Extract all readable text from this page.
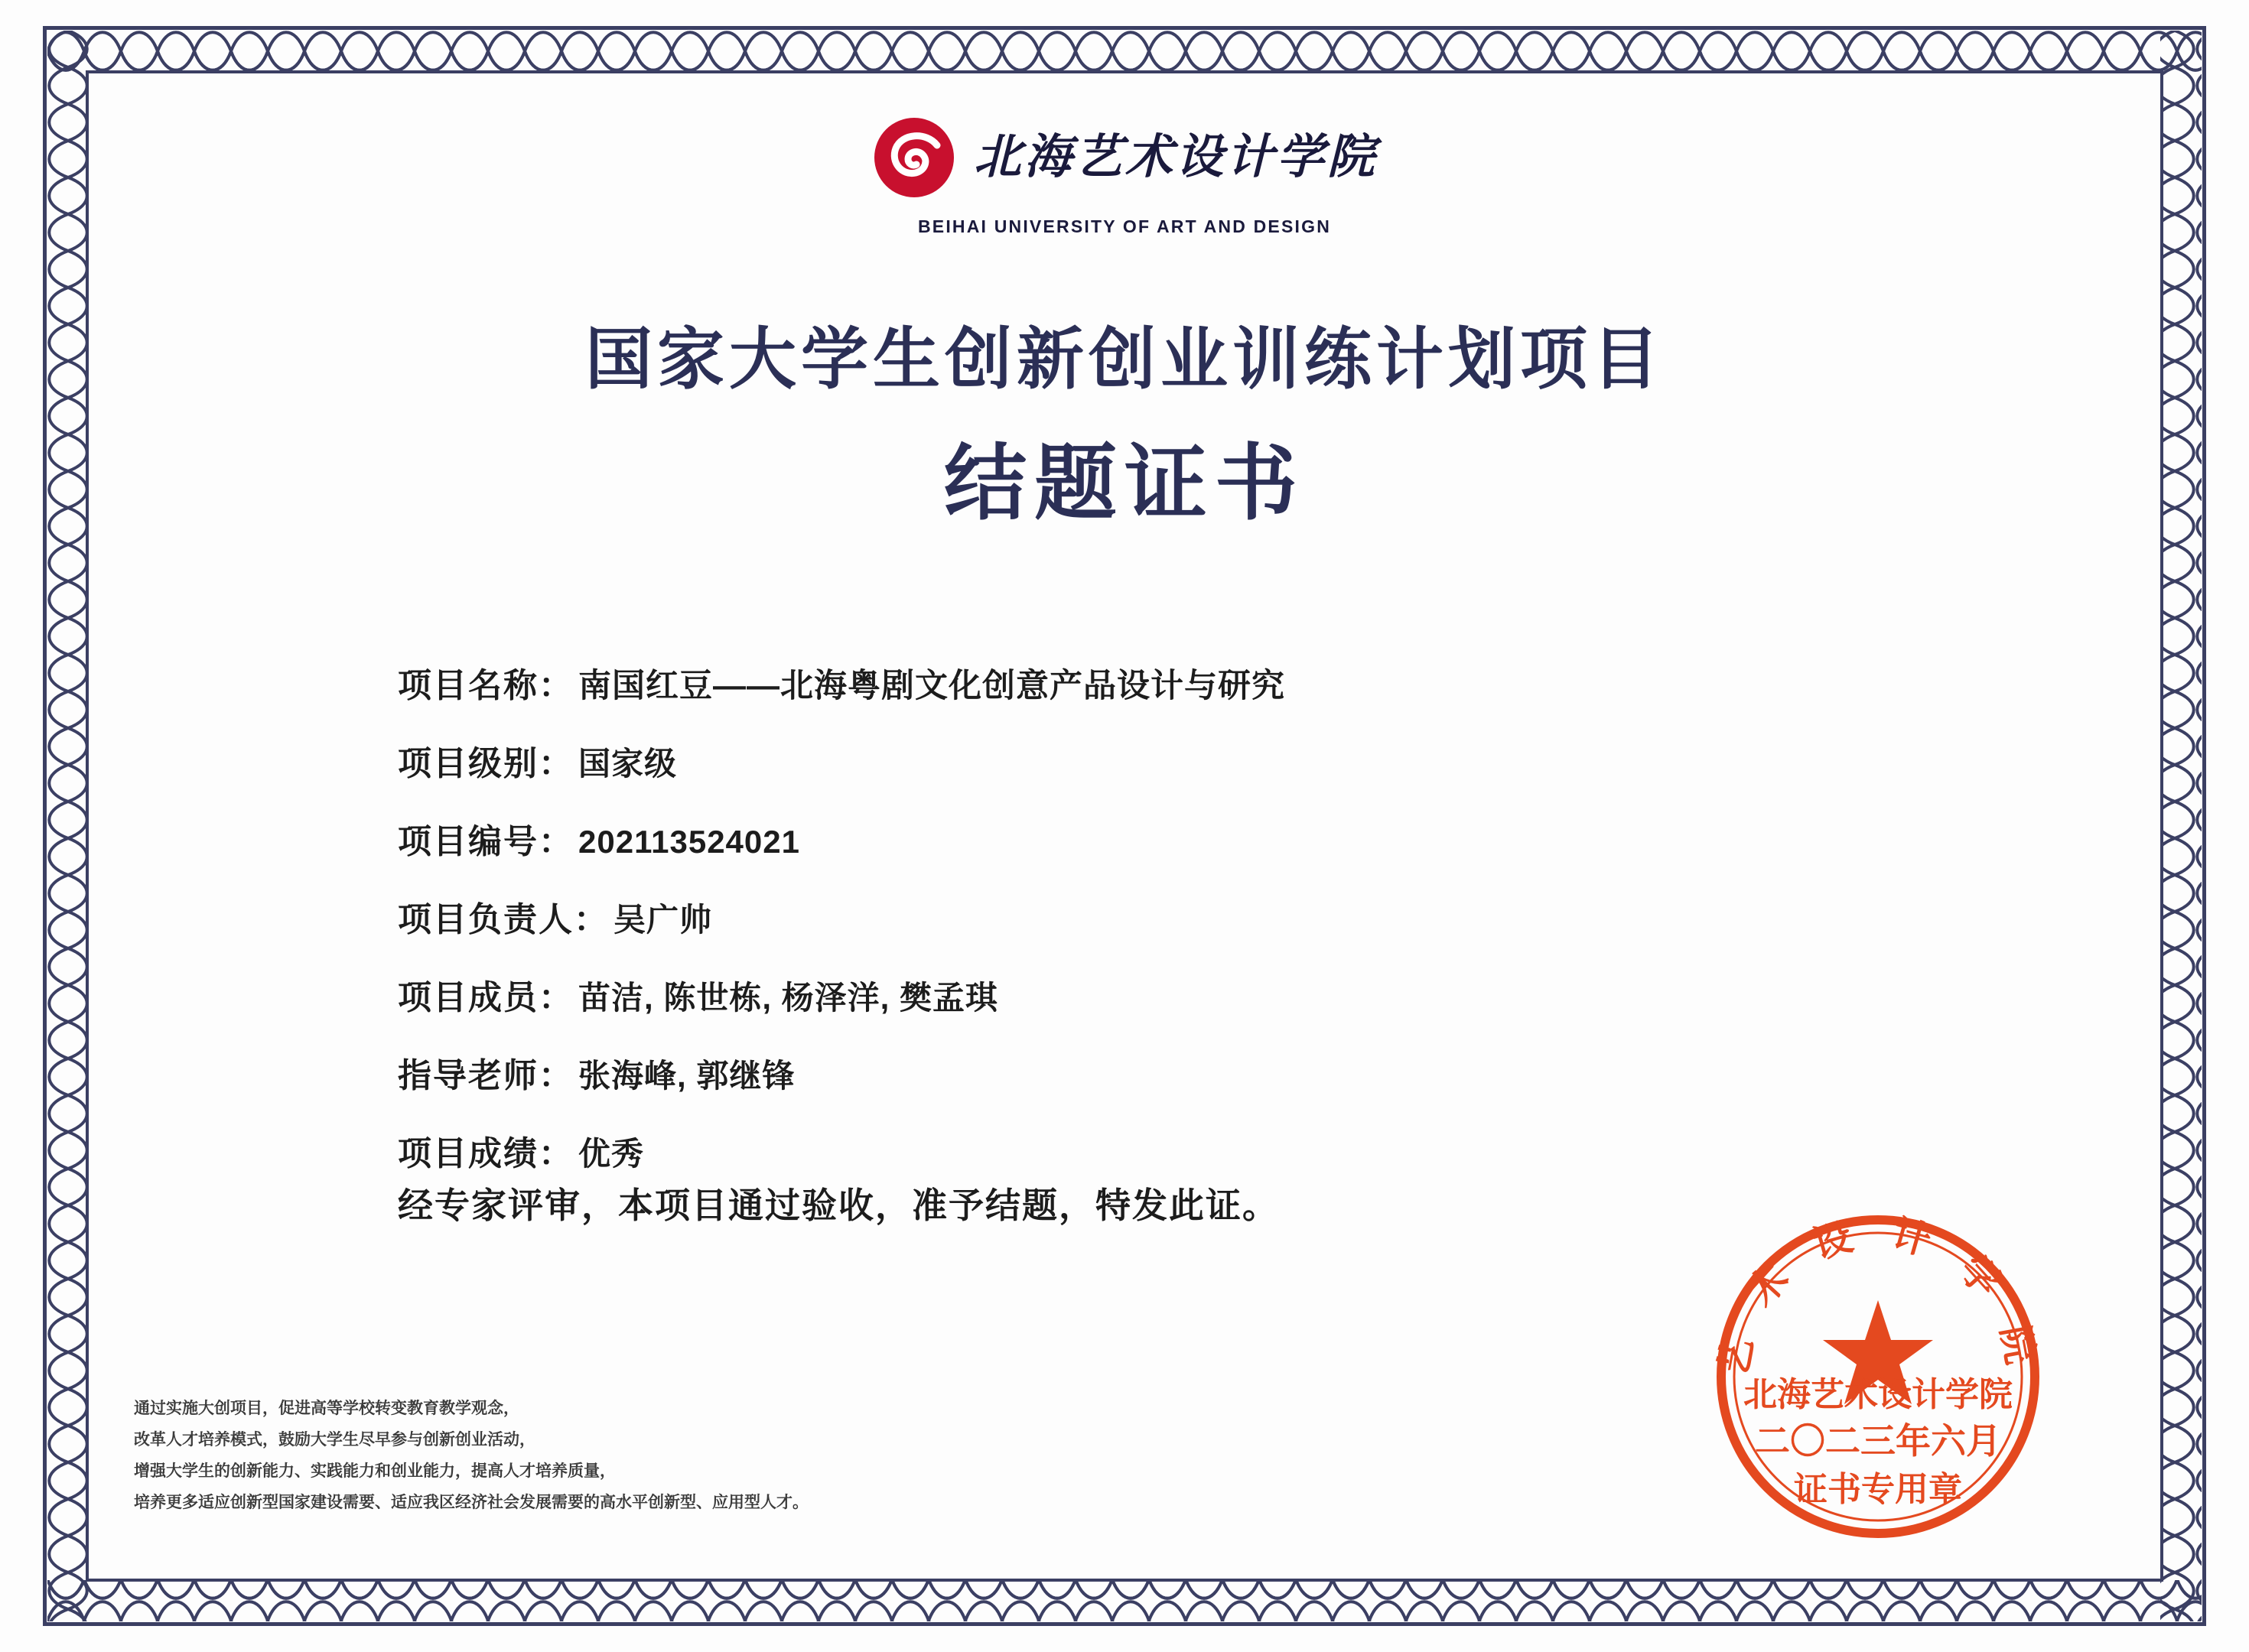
北海艺术设计学院
BEIHAI UNIVERSITY OF ART AND DESIGN
国家大学生创新创业训练计划项目
结题证书
项目名称： 南国红豆——北海粤剧文化创意产品设计与研究
项目级别： 国家级
项目编号： 202113524021
项目负责人： 吴广帅
项目成员： 苗洁, 陈世栋, 杨泽洋, 樊孟琪
指导老师： 张海峰, 郭继锋
项目成绩： 优秀
经专家评审，本项目通过验收，准予结题，特发此证。
通过实施大创项目，促进高等学校转变教育教学观念，
改革人才培养模式，鼓励大学生尽早参与创新创业活动，
增强大学生的创新能力、实践能力和创业能力，提高人才培养质量，
培养更多适应创新型国家建设需要、适应我区经济社会发展需要的高水平创新型、应用型人才。
艺 术 设 计 学 院
北海艺术设计学院
二〇二三年六月
证书专用章
